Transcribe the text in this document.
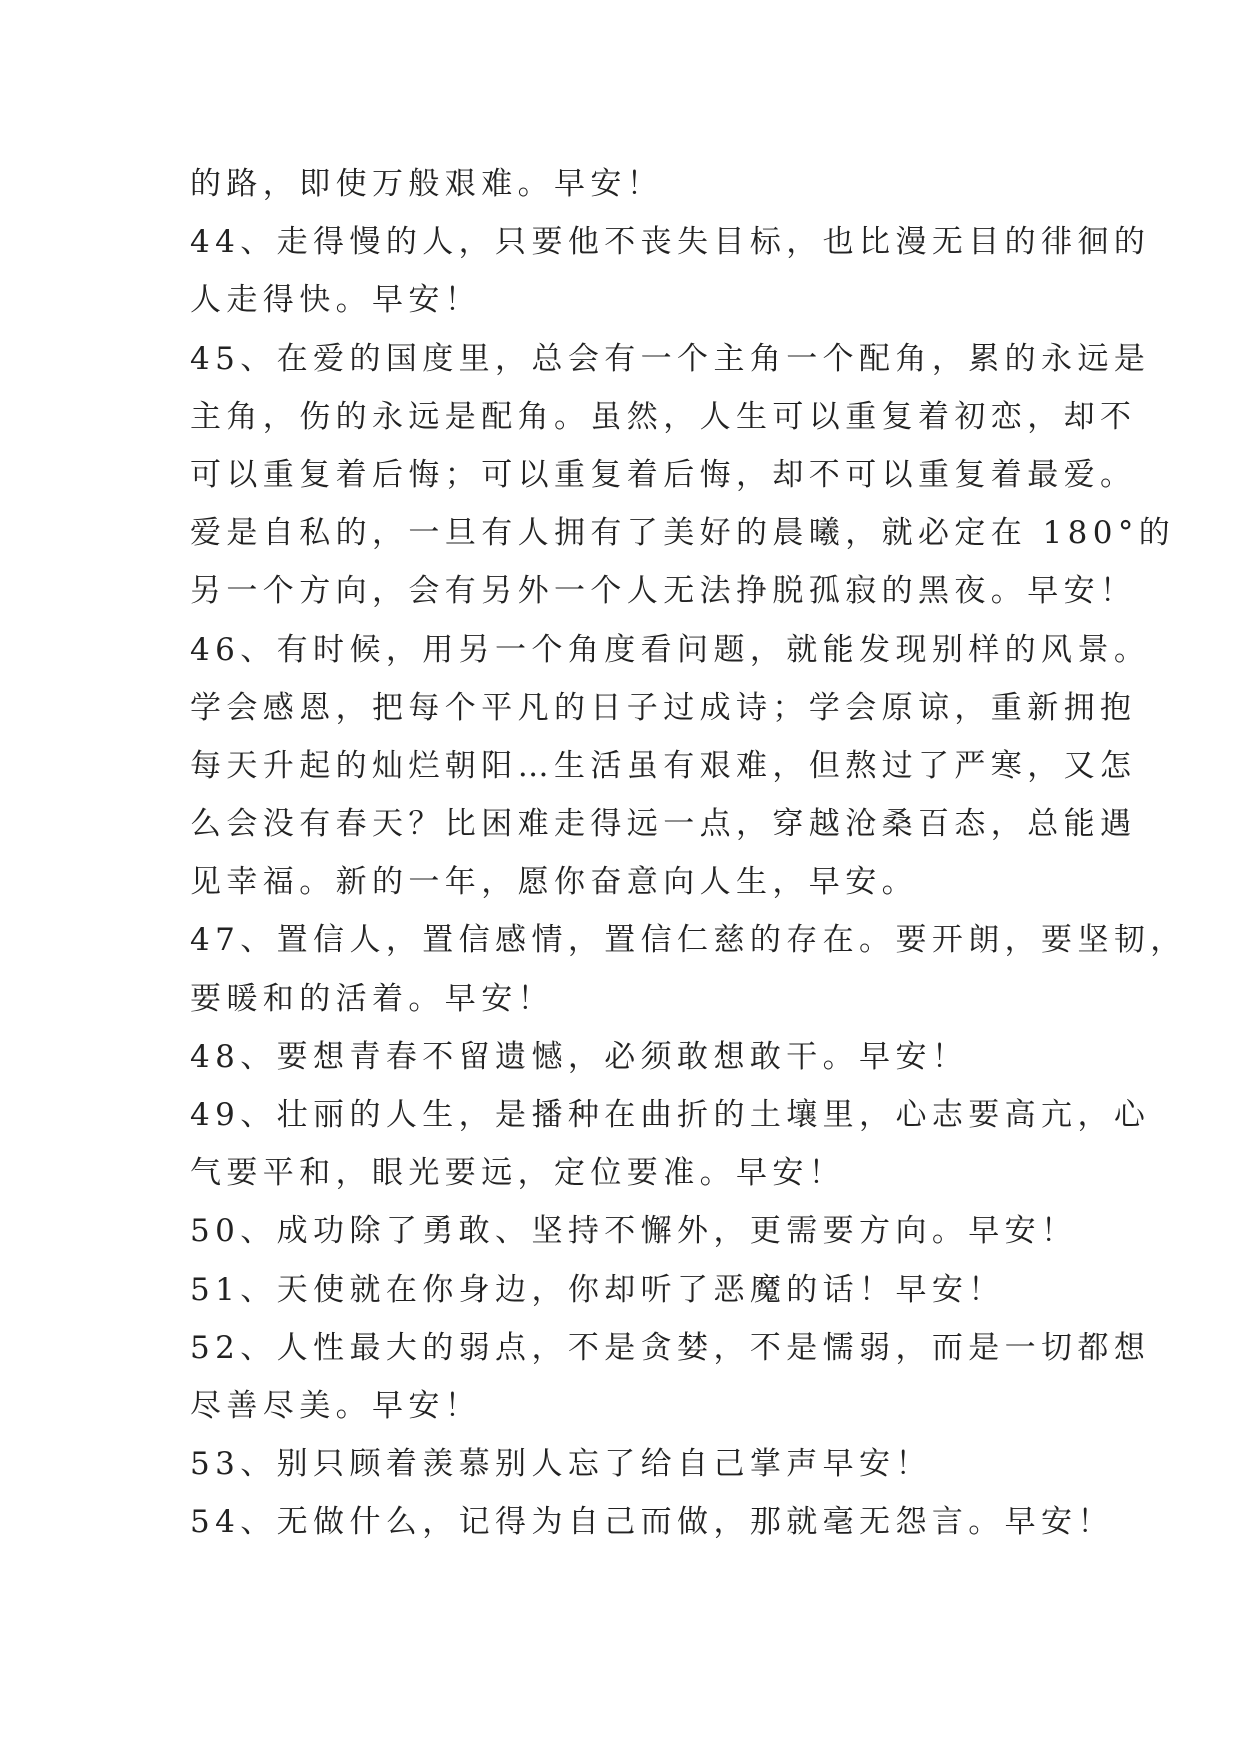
的路，即使万般艰难。早安！
44、走得慢的人，只要他不丧失目标，也比漫无目的徘徊的
人走得快。早安！
45、在爱的国度里，总会有一个主角一个配角，累的永远是
主角，伤的永远是配角。虽然，人生可以重复着初恋，却不
可以重复着后悔；可以重复着后悔，却不可以重复着最爱。
爱是自私的，一旦有人拥有了美好的晨曦，就必定在 180°的
另一个方向，会有另外一个人无法挣脱孤寂的黑夜。早安！
46、有时候，用另一个角度看问题，就能发现别样的风景。
学会感恩，把每个平凡的日子过成诗；学会原谅，重新拥抱
每天升起的灿烂朝阳…生活虽有艰难，但熬过了严寒，又怎
么会没有春天？比困难走得远一点，穿越沧桑百态，总能遇
见幸福。新的一年，愿你奋意向人生，早安。
47、置信人，置信感情，置信仁慈的存在。要开朗，要坚韧，
要暖和的活着。早安！
48、要想青春不留遗憾，必须敢想敢干。早安！
49、壮丽的人生，是播种在曲折的土壤里，心志要高亢，心
气要平和，眼光要远，定位要准。早安！
50、成功除了勇敢、坚持不懈外，更需要方向。早安！
51、天使就在你身边，你却听了恶魔的话！早安！
52、人性最大的弱点，不是贪婪，不是懦弱，而是一切都想
尽善尽美。早安！
53、别只顾着羡慕别人忘了给自己掌声早安！
54、无做什么，记得为自己而做，那就毫无怨言。早安！
